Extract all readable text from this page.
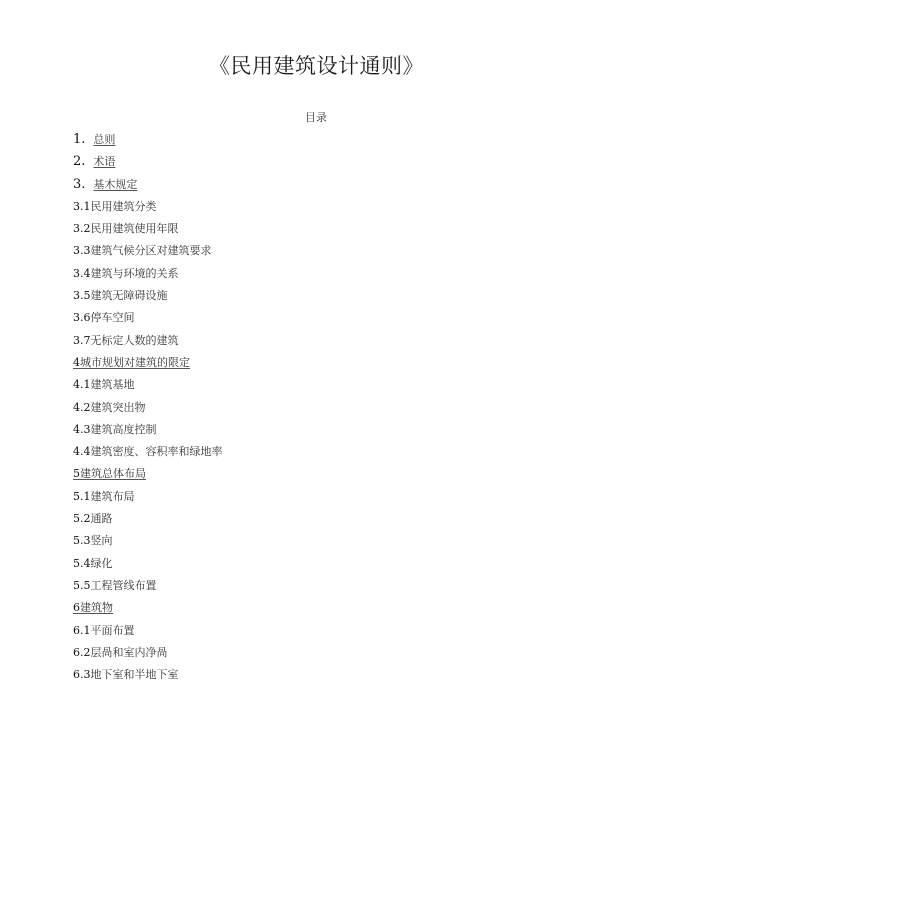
《民用建筑设计通则》
目录
1. 总则
2. 术语
3. 基木规定
3.1民用建筑分类
3.2民用建筑使用年限
3.3建筑气候分区对建筑要求
3.4建筑与环境的关系
3.5建筑无障碍设施
3.6停车空间
3.7无标定人数的建筑
4城市规划对建筑的限定
4.1建筑基地
4.2建筑突出物
4.3建筑高度控制
4.4建筑密度、容积率和绿地率
5建筑总体布局
5.1建筑布局
5.2通路
5.3竖向
5.4绿化
5.5工程管线布置
6建筑物
6.1平面布置
6.2层咼和室内净咼
6.3地下室和半地下室
